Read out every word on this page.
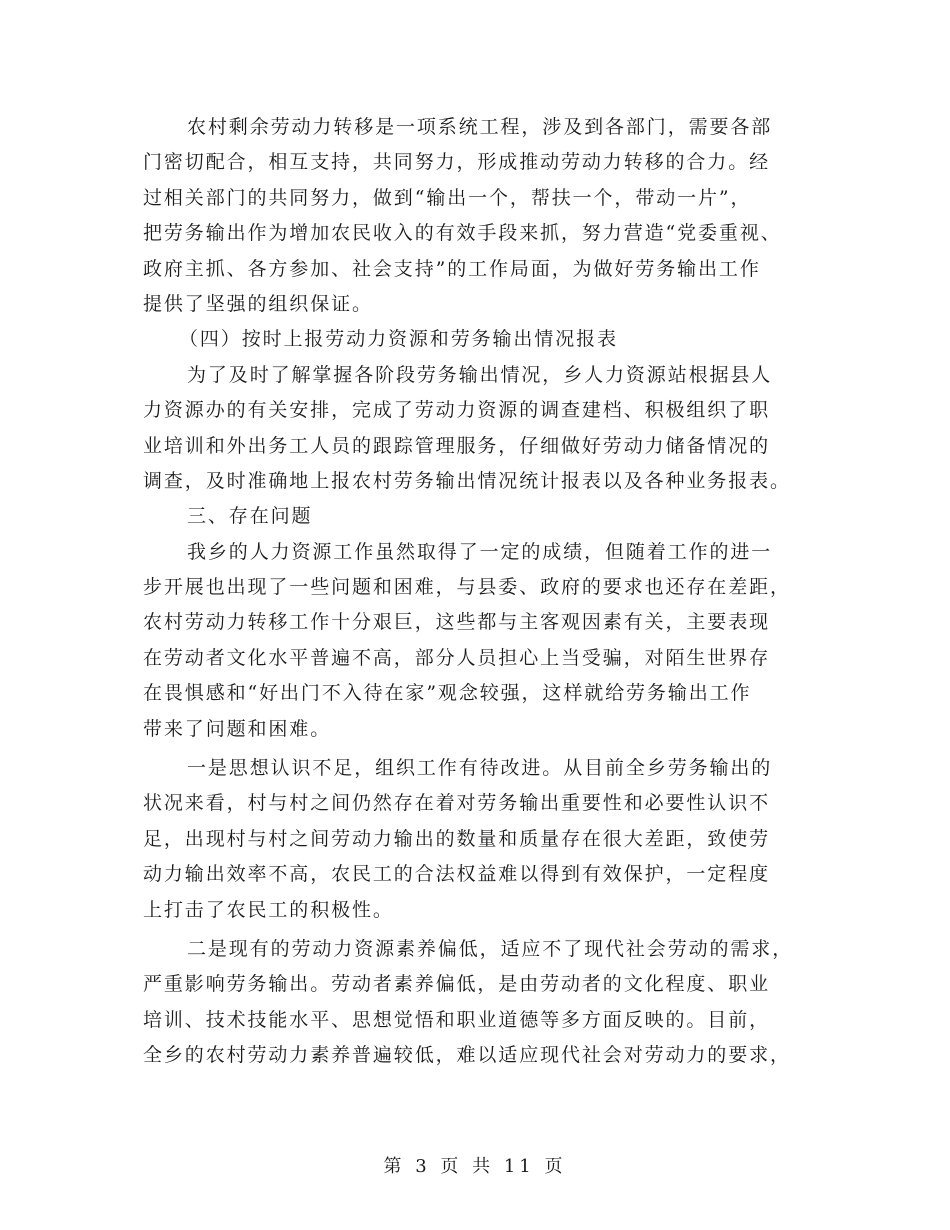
农村剩余劳动力转移是一项系统工程，涉及到各部门，需要各部
门密切配合，相互支持，共同努力，形成推动劳动力转移的合力。经
过相关部门的共同努力，做到“输出一个，帮扶一个，带动一片”，
把劳务输出作为增加农民收入的有效手段来抓，努力营造“党委重视、
政府主抓、各方参加、社会支持”的工作局面，为做好劳务输出工作
提供了坚强的组织保证。
（四）按时上报劳动力资源和劳务输出情况报表
为了及时了解掌握各阶段劳务输出情况，乡人力资源站根据县人
力资源办的有关安排，完成了劳动力资源的调查建档、积极组织了职
业培训和外出务工人员的跟踪管理服务，仔细做好劳动力储备情况的
调查，及时准确地上报农村劳务输出情况统计报表以及各种业务报表。
三、存在问题
我乡的人力资源工作虽然取得了一定的成绩，但随着工作的进一
步开展也出现了一些问题和困难，与县委、政府的要求也还存在差距，
农村劳动力转移工作十分艰巨，这些都与主客观因素有关，主要表现
在劳动者文化水平普遍不高，部分人员担心上当受骗，对陌生世界存
在畏惧感和“好出门不入待在家”观念较强，这样就给劳务输出工作
带来了问题和困难。
一是思想认识不足，组织工作有待改进。从目前全乡劳务输出的
状况来看，村与村之间仍然存在着对劳务输出重要性和必要性认识不
足，出现村与村之间劳动力输出的数量和质量存在很大差距，致使劳
动力输出效率不高，农民工的合法权益难以得到有效保护，一定程度
上打击了农民工的积极性。
二是现有的劳动力资源素养偏低，适应不了现代社会劳动的需求，
严重影响劳务输出。劳动者素养偏低，是由劳动者的文化程度、职业
培训、技术技能水平、思想觉悟和职业道德等多方面反映的。目前，
全乡的农村劳动力素养普遍较低，难以适应现代社会对劳动力的要求，
第 3 页 共 11 页
